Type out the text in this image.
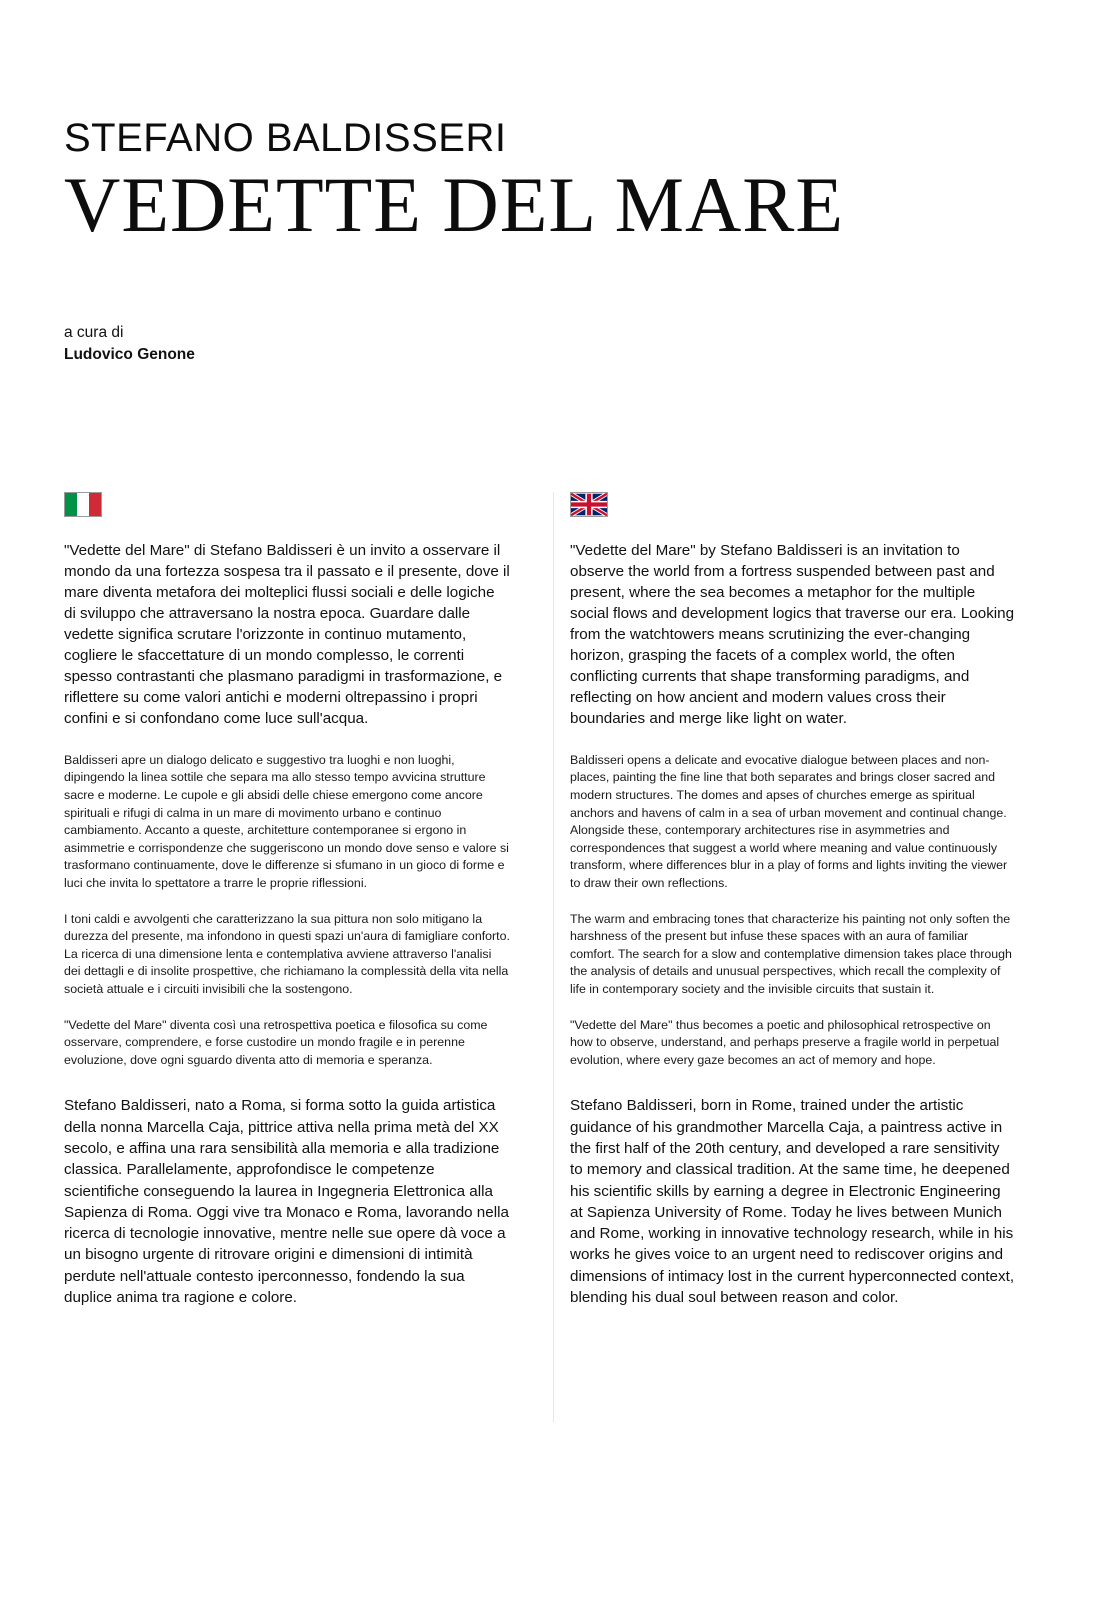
STEFANO BALDISSERI
VEDETTE DEL MARE
a cura di
Ludovico Genone

"Vedette del Mare" di Stefano Baldisseri è un invito a osservare il mondo da una fortezza sospesa tra il passato e il presente, dove il mare diventa metafora dei molteplici flussi sociali e delle logiche di sviluppo che attraversano la nostra epoca. Guardare dalle vedette significa scrutare l'orizzonte in continuo mutamento, cogliere le sfaccettature di un mondo complesso, le correnti spesso contrastanti che plasmano paradigmi in trasformazione, e riflettere su come valori antichi e moderni oltrepassino i propri confini e si confondano come luce sull'acqua.

Baldisseri apre un dialogo delicato e suggestivo tra luoghi e non luoghi, dipingendo la linea sottile che separa ma allo stesso tempo avvicina strutture sacre e moderne. Le cupole e gli absidi delle chiese emergono come ancore spirituali e rifugi di calma in un mare di movimento urbano e continuo cambiamento. Accanto a queste, architetture contemporanee si ergono in asimmetrie e corrispondenze che suggeriscono un mondo dove senso e valore si trasformano continuamente, dove le differenze si sfumano in un gioco di forme e luci che invita lo spettatore a trarre le proprie riflessioni.

I toni caldi e avvolgenti che caratterizzano la sua pittura non solo mitigano la durezza del presente, ma infondono in questi spazi un'aura di famigliare conforto. La ricerca di una dimensione lenta e contemplativa avviene attraverso l'analisi dei dettagli e di insolite prospettive, che richiamano la complessità della vita nella società attuale e i circuiti invisibili che la sostengono.

"Vedette del Mare" diventa così una retrospettiva poetica e filosofica su come osservare, comprendere, e forse custodire un mondo fragile e in perenne evoluzione, dove ogni sguardo diventa atto di memoria e speranza.

Stefano Baldisseri, nato a Roma, si forma sotto la guida artistica della nonna Marcella Caja, pittrice attiva nella prima metà del XX secolo, e affina una rara sensibilità alla memoria e alla tradizione classica. Parallelamente, approfondisce le competenze scientifiche conseguendo la laurea in Ingegneria Elettronica alla Sapienza di Roma. Oggi vive tra Monaco e Roma, lavorando nella ricerca di tecnologie innovative, mentre nelle sue opere dà voce a un bisogno urgente di ritrovare origini e dimensioni di intimità perdute nell'attuale contesto iperconnesso, fondendo la sua duplice anima tra ragione e colore.

"Vedette del Mare" by Stefano Baldisseri is an invitation to observe the world from a fortress suspended between past and present, where the sea becomes a metaphor for the multiple social flows and development logics that traverse our era. Looking from the watchtowers means scrutinizing the ever-changing horizon, grasping the facets of a complex world, the often conflicting currents that shape transforming paradigms, and reflecting on how ancient and modern values cross their boundaries and merge like light on water.

Baldisseri opens a delicate and evocative dialogue between places and non-places, painting the fine line that both separates and brings closer sacred and modern structures. The domes and apses of churches emerge as spiritual anchors and havens of calm in a sea of urban movement and continual change. Alongside these, contemporary architectures rise in asymmetries and correspondences that suggest a world where meaning and value continuously transform, where differences blur in a play of forms and lights inviting the viewer to draw their own reflections.

The warm and embracing tones that characterize his painting not only soften the harshness of the present but infuse these spaces with an aura of familiar comfort. The search for a slow and contemplative dimension takes place through the analysis of details and unusual perspectives, which recall the complexity of life in contemporary society and the invisible circuits that sustain it.

"Vedette del Mare" thus becomes a poetic and philosophical retrospective on how to observe, understand, and perhaps preserve a fragile world in perpetual evolution, where every gaze becomes an act of memory and hope.

Stefano Baldisseri, born in Rome, trained under the artistic guidance of his grandmother Marcella Caja, a paintress active in the first half of the 20th century, and developed a rare sensitivity to memory and classical tradition. At the same time, he deepened his scientific skills by earning a degree in Electronic Engineering at Sapienza University of Rome. Today he lives between Munich and Rome, working in innovative technology research, while in his works he gives voice to an urgent need to rediscover origins and dimensions of intimacy lost in the current hyperconnected context, blending his dual soul between reason and color.
